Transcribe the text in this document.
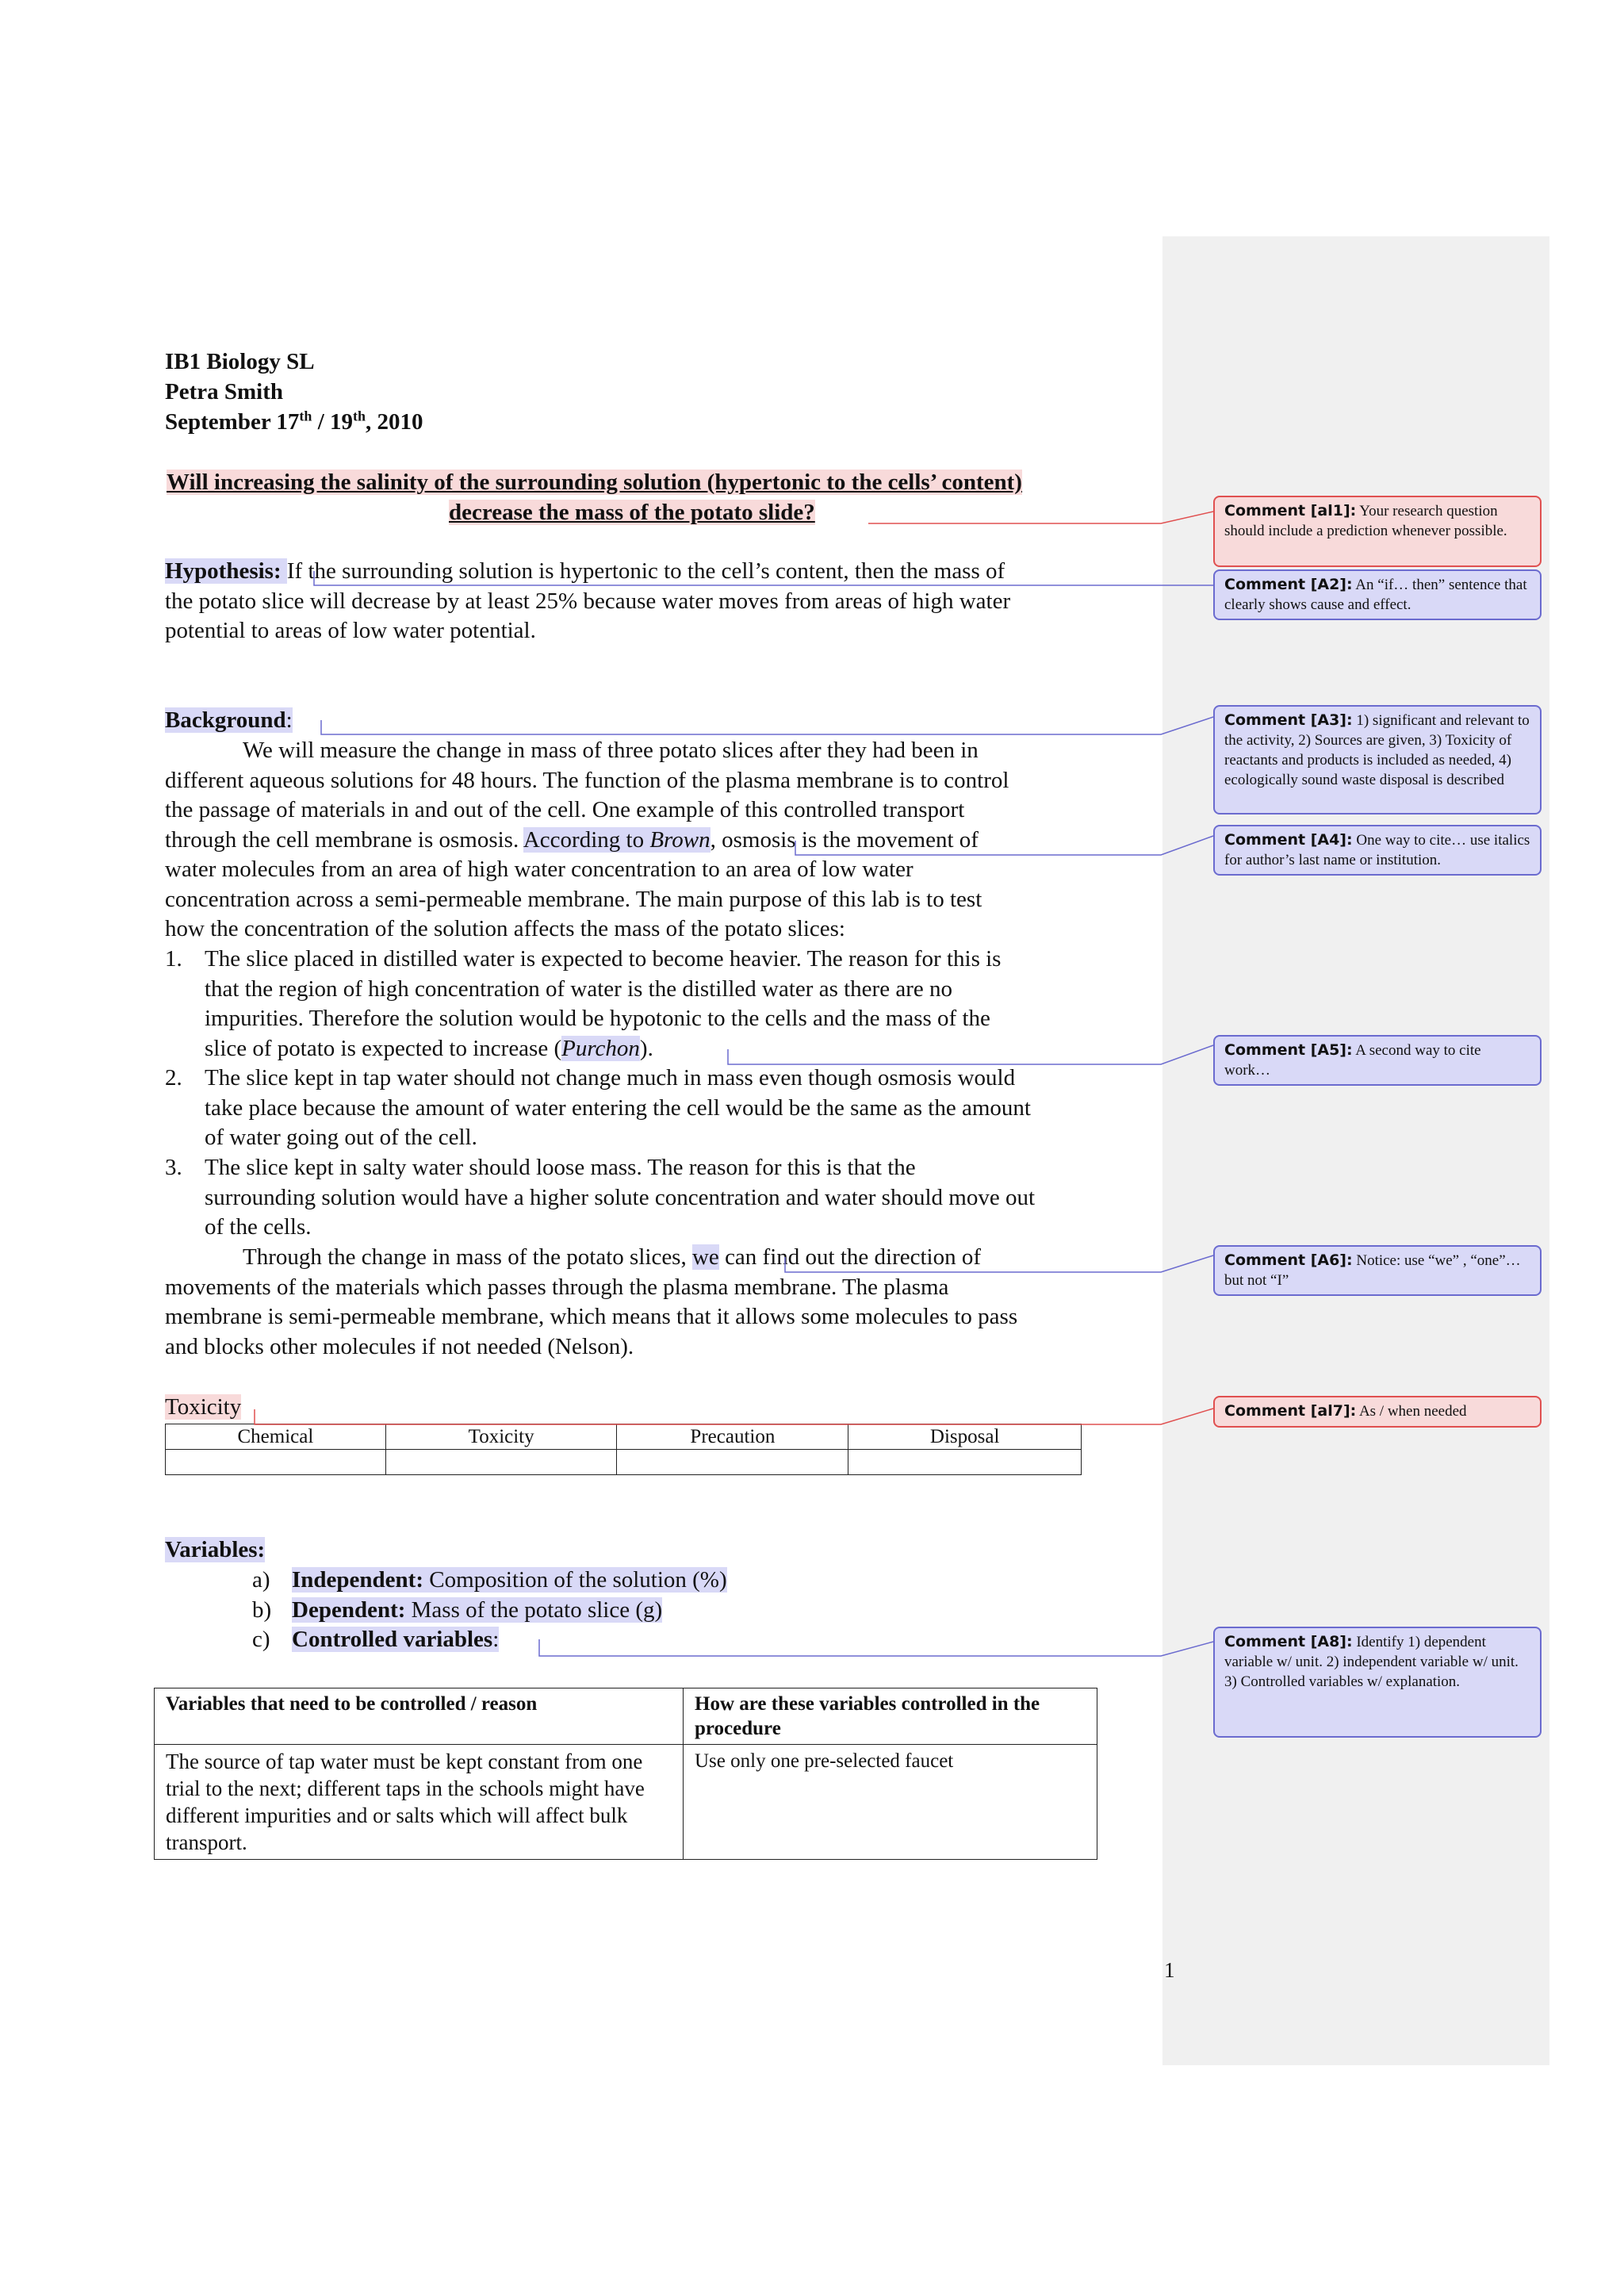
IB1 Biology SL
Petra Smith
September 17th / 19th, 2010
Will increasing the salinity of the surrounding solution (hypertonic to the cells’ content)
decrease the mass of the potato slide?
Hypothesis: If the surrounding solution is hypertonic to the cell’s content, then the mass of
the potato slice will decrease by at least 25% because water moves from areas of high water
potential to areas of low water potential.
Background:
We will measure the change in mass of three potato slices after they had been in
different aqueous solutions for 48 hours. The function of the plasma membrane is to control
the passage of materials in and out of the cell. One example of this controlled transport
through the cell membrane is osmosis. According to Brown, osmosis is the movement of
water molecules from an area of high water concentration to an area of low water
concentration across a semi-permeable membrane. The main purpose of this lab is to test
how the concentration of the solution affects the mass of the potato slices:
1. The slice placed in distilled water is expected to become heavier. The reason for this is
that the region of high concentration of water is the distilled water as there are no
impurities. Therefore the solution would be hypotonic to the cells and the mass of the
slice of potato is expected to increase (Purchon).
2. The slice kept in tap water should not change much in mass even though osmosis would
take place because the amount of water entering the cell would be the same as the amount
of water going out of the cell.
3. The slice kept in salty water should loose mass. The reason for this is that the
surrounding solution would have a higher solute concentration and water should move out
of the cells.
Through the change in mass of the potato slices, we can find out the direction of
movements of the materials which passes through the plasma membrane. The plasma
membrane is semi-permeable membrane, which means that it allows some molecules to pass
and blocks other molecules if not needed (Nelson).
Toxicity
Chemical	Toxicity	Precaution	Disposal

Variables:
a) Independent: Composition of the solution (%)
b) Dependent: Mass of the potato slice (g)
c) Controlled variables:
Variables that need to be controlled / reason	How are these variables controlled in the procedure
The source of tap water must be kept constant from one trial to the next; different taps in the schools might have different impurities and or salts which will affect bulk transport.	Use only one pre-selected faucet
1
Comment [al1]: Your research question should include a prediction whenever possible.
Comment [A2]: An “if… then” sentence that clearly shows cause and effect.
Comment [A3]: 1) significant and relevant to the activity, 2) Sources are given, 3) Toxicity of reactants and products is included as needed, 4) ecologically sound waste disposal is described
Comment [A4]: One way to cite… use italics for author’s last name or institution.
Comment [A5]: A second way to cite work…
Comment [A6]: Notice: use “we” , “one”… but not “I”
Comment [al7]: As / when needed
Comment [A8]: Identify 1) dependent variable w/ unit. 2) independent variable w/ unit. 3) Controlled variables w/ explanation.
